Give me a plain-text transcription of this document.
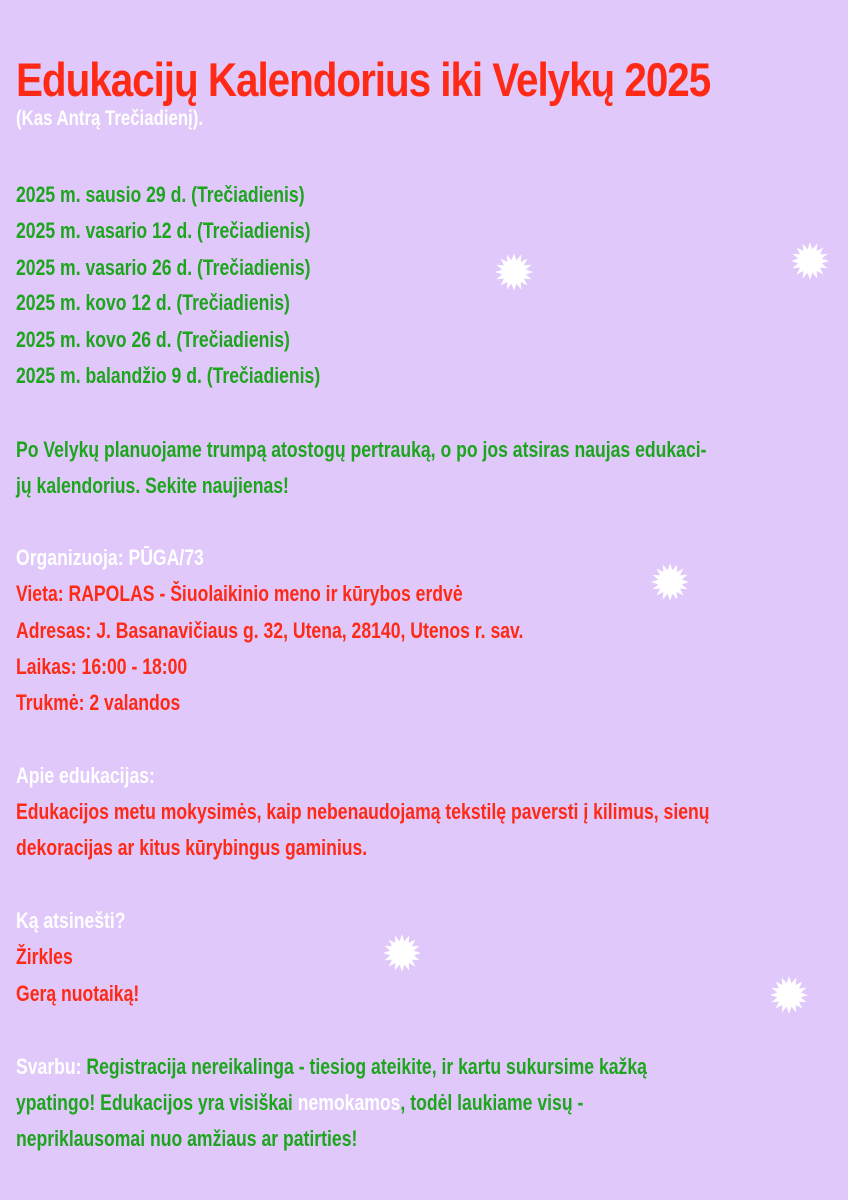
Edukacijų Kalendorius iki Velykų 2025

(Kas Antrą Trečiadienį).

2025 m. sausio 29 d. (Trečiadienis)

2025 m. vasario 12 d. (Trečiadienis)

2025 m. vasario 26 d. (Trečiadienis)

2025 m. kovo 12 d. (Trečiadienis)

2025 m. kovo 26 d. (Trečiadienis)

2025 m. balandžio 9 d. (Trečiadienis)

Po Velykų planuojame trumpą atostogų pertrauką, o po jos atsiras naujas edukaci-

jų kalendorius. Sekite naujienas!

Organizuoja: PŪGA/73

Vieta: RAPOLAS - Šiuolaikinio meno ir kūrybos erdvė

Adresas: J. Basanavičiaus g. 32, Utena, 28140, Utenos r. sav.

Laikas: 16:00 - 18:00

Trukmė: 2 valandos

Apie edukacijas:

Edukacijos metu mokysimės, kaip nebenaudojamą tekstilę paversti į kilimus, sienų

dekoracijas ar kitus kūrybingus gaminius.

Ką atsinešti?

Žirkles

Gerą nuotaiką!

Svarbu: Registracija nereikalinga - tiesiog ateikite, ir kartu sukursime kažką

ypatingo! Edukacijos yra visiškai nemokamos, todėl laukiame visų -

nepriklausomai nuo amžiaus ar patirties!
